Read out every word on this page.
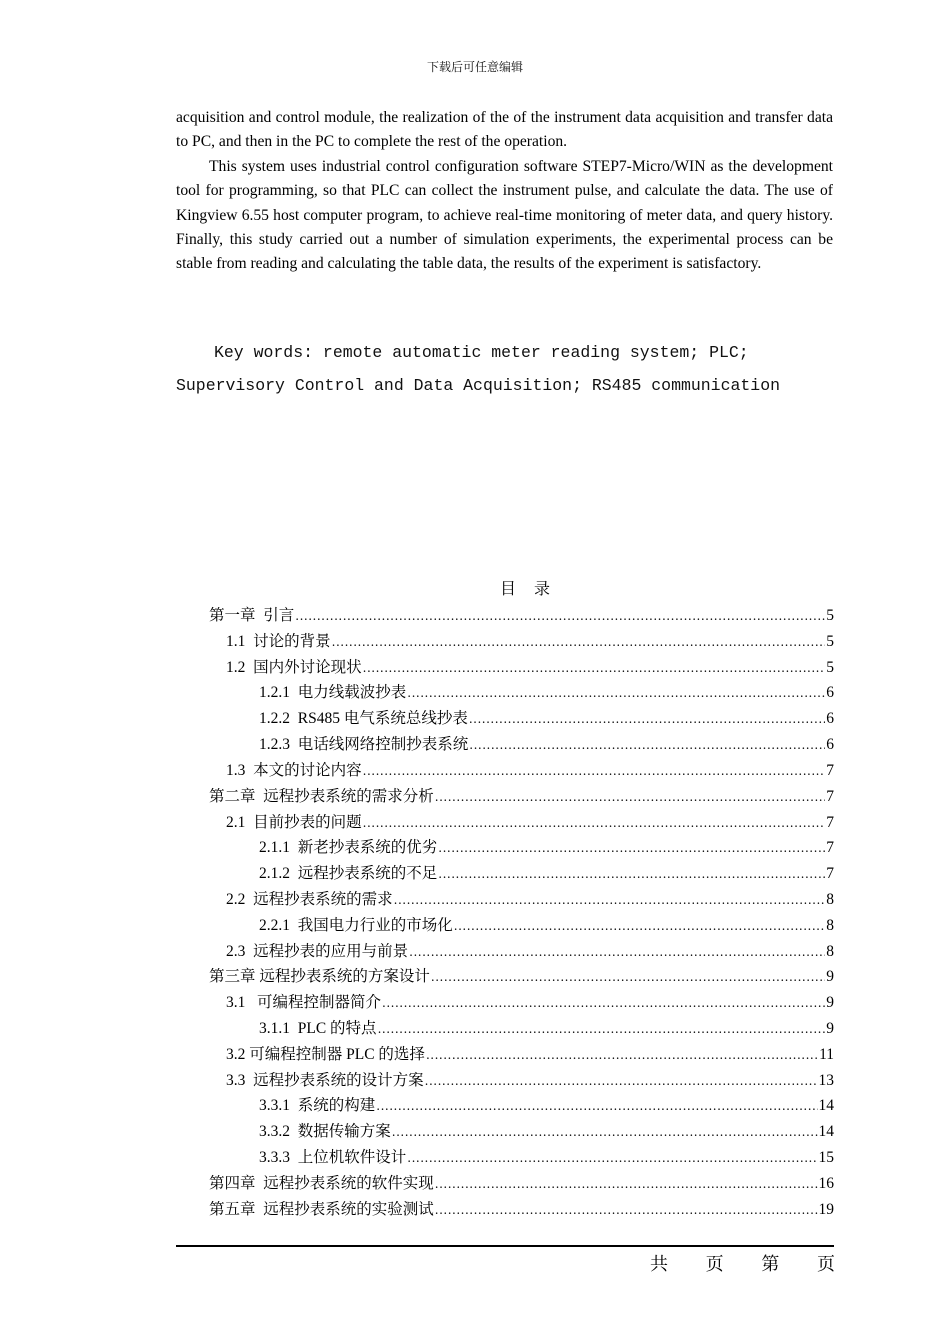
下载后可任意编辑
acquisition and control module, the realization of the of the instrument data acquisition and transfer data to PC, and then in the PC to complete the rest of the operation.
This system uses industrial control configuration software STEP7-Micro/WIN as the development tool for programming, so that PLC can collect the instrument pulse, and calculate the data. The use of Kingview 6.55 host computer program, to achieve real-time monitoring of meter data, and query history. Finally, this study carried out a number of simulation experiments, the experimental process can be stable from reading and calculating the table data, the results of the experiment is satisfactory.
Key words: remote automatic meter reading system; PLC;
Supervisory Control and Data Acquisition; RS485 communication
目 录
第一章  引言 .....	5
1.1  讨论的背景 .....	5
1.2  国内外讨论现状 .....	5
1.2.1  电力线载波抄表 .....	6
1.2.2  RS485 电气系统总线抄表 .....	6
1.2.3  电话线网络控制抄表系统 .....	6
1.3  本文的讨论内容 .....	7
第二章  远程抄表系统的需求分析 .....	7
2.1  目前抄表的问题 .....	7
2.1.1  新老抄表系统的优劣 .....	7
2.1.2  远程抄表系统的不足 .....	7
2.2  远程抄表系统的需求 .....	8
2.2.1  我国电力行业的市场化 .....	8
2.3  远程抄表的应用与前景 .....	8
第三章 远程抄表系统的方案设计 .....	9
3.1   可编程控制器简介 .....	9
3.1.1  PLC 的特点 .....	9
3.2 可编程控制器 PLC 的选择 .....	11
3.3  远程抄表系统的设计方案 .....	13
3.3.1  系统的构建 .....	14
3.3.2  数据传输方案 .....	14
3.3.3  上位机软件设计 .....	15
第四章  远程抄表系统的软件实现 .....	16
第五章  远程抄表系统的实验测试 .....	19
共 页 第 页
